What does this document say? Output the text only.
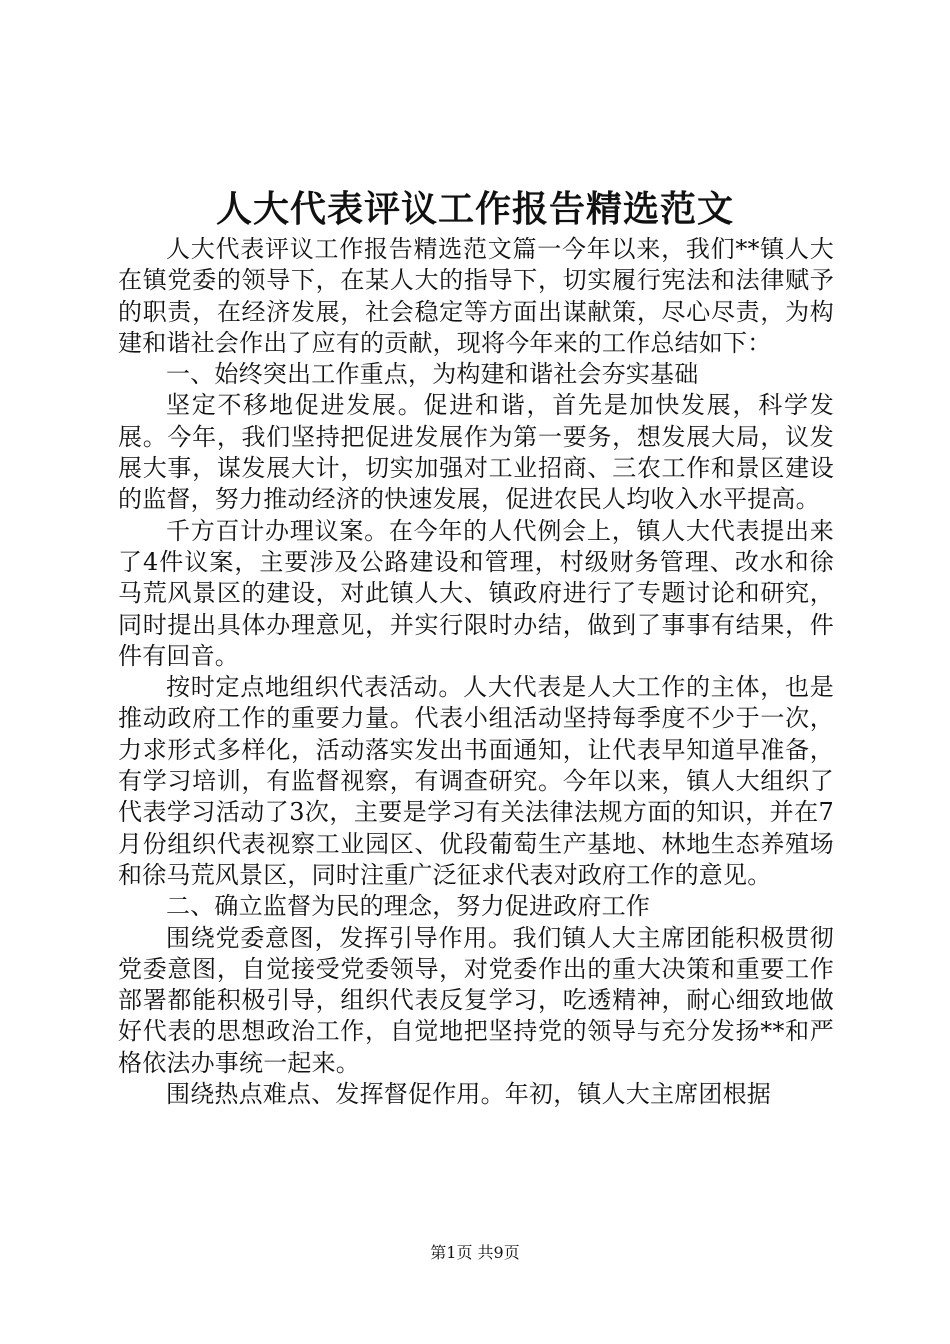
人大代表评议工作报告精选范文

人大代表评议工作报告精选范文篇一今年以来，我们**镇人大在镇党委的领导下，在某人大的指导下，切实履行宪法和法律赋予的职责，在经济发展，社会稳定等方面出谋献策，尽心尽责，为构建和谐社会作出了应有的贡献，现将今年来的工作总结如下：

一、始终突出工作重点，为构建和谐社会夯实基础

坚定不移地促进发展。促进和谐，首先是加快发展，科学发展。今年，我们坚持把促进发展作为第一要务，想发展大局，议发展大事，谋发展大计，切实加强对工业招商、三农工作和景区建设的监督，努力推动经济的快速发展，促进农民人均收入水平提高。

千方百计办理议案。在今年的人代例会上，镇人大代表提出来了4件议案，主要涉及公路建设和管理，村级财务管理、改水和徐马荒风景区的建设，对此镇人大、镇政府进行了专题讨论和研究，同时提出具体办理意见，并实行限时办结，做到了事事有结果，件件有回音。

按时定点地组织代表活动。人大代表是人大工作的主体，也是推动政府工作的重要力量。代表小组活动坚持每季度不少于一次，力求形式多样化，活动落实发出书面通知，让代表早知道早准备，有学习培训，有监督视察，有调查研究。今年以来，镇人大组织了代表学习活动了3次，主要是学习有关法律法规方面的知识，并在7月份组织代表视察工业园区、优段葡萄生产基地、林地生态养殖场和徐马荒风景区，同时注重广泛征求代表对政府工作的意见。

二、确立监督为民的理念，努力促进政府工作

围绕党委意图，发挥引导作用。我们镇人大主席团能积极贯彻党委意图，自觉接受党委领导，对党委作出的重大决策和重要工作部署都能积极引导，组织代表反复学习，吃透精神，耐心细致地做好代表的思想政治工作，自觉地把坚持党的领导与充分发扬**和严格依法办事统一起来。

围绕热点难点、发挥督促作用。年初，镇人大主席团根据

第1页 共9页
